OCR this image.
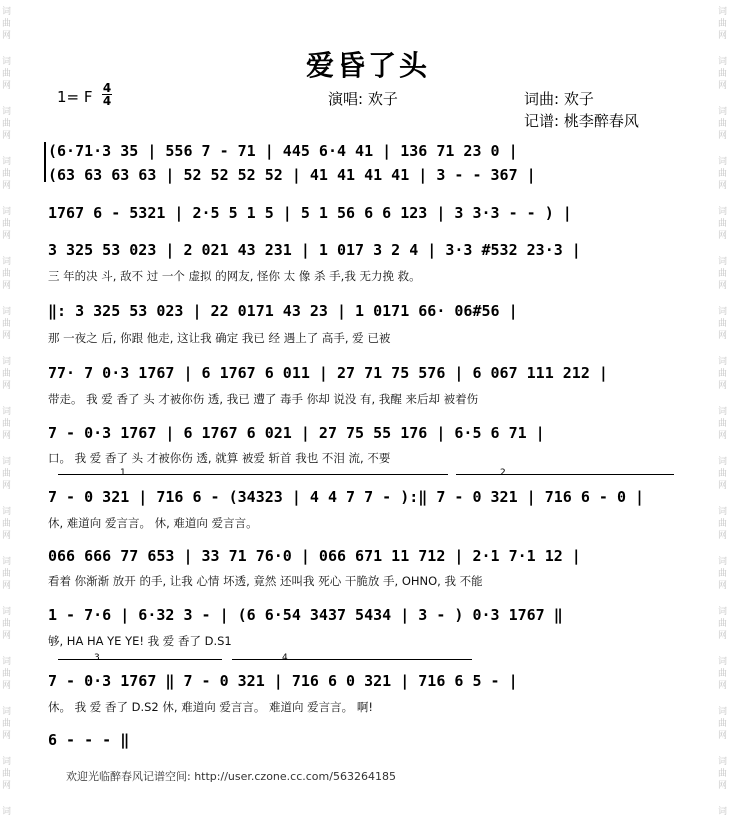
词
曲
网
词
曲
网
词
曲
网
词
曲
网
词
曲
网
词
曲
网
词
曲
网
词
曲
网
词
曲
网
词
曲
网
词
曲
网
词
曲
网
词
曲
网
词
曲
网
词
曲
网
词
曲
网
词
词
曲
网
词
曲
网
词
曲
网
词
曲
网
词
曲
网
词
曲
网
词
曲
网
词
曲
网
词
曲
网
词
曲
网
词
曲
网
词
曲
网
词
曲
网
词
曲
网
词
曲
网
词
曲
网
词
爱昏了头
1= F 4
4	演唱: 欢子	词曲: 欢子
记谱: 桃李醉春风
(6·71·3 35 | 556 7 - 71 | 445 6·4 41 | 136 71 23 0 |
(63 63 63 63 | 52 52 52 52 | 41 41 41 41 | 3 - - 367 |
1767 6 - 5321 | 2·5 5 1 5 | 5 1 56 6 6 123 | 3 3·3 - - ) |
3 325 53 023 | 2 021 43 231 | 1 017 3 2 4 | 3·3 #532 23·3 |
三 年的决 斗, 敌不 过 一个 虚拟 的网友, 怪你 太 像 杀 手,我 无力挽 救。
‖: 3 325 53 023 | 22 0171 43 23 | 1 0171 66· 06#56 |
那 一夜之 后, 你跟 他走, 这让我 确定 我已 经 遇上了 高手, 爱 已被
77· 7 0·3 1767 | 6 1767 6 011 | 27 71 75 576 | 6 067 111 212 |
带走。 我 爱 香了 头 才被你伤 透, 我已 遭了 毒手 你却 说没 有, 我醒 来后却 被着伤
7 - 0·3 1767 | 6 1767 6 021 | 27 75 55 176 | 6·5 6 71 |
口。 我 爱 香了 头 才被你伤 透, 就算 被爱 斩首 我也 不泪 流, 不要
1	2
7 - 0 321 | 716 6 - (34323 | 4 4 7 7 - ):‖ 7 - 0 321 | 716 6 - 0 |
休, 难道向 爱言言。 休, 难道向 爱言言。
066 666 77 653 | 33 71 76·0 | 066 671 11 712 | 2·1 7·1 12 |
看着 你渐渐 放开 的手, 让我 心情 坏透, 竟然 还叫我 死心 干脆放 手, OHNO, 我 不能
1 - 7·6 | 6·32 3 - | (6 6·54 3437 5434 | 3 - ) 0·3 1767 ‖
够, HA HA YE YE! 我 爱 香了 D.S1
3	4
7 - 0·3 1767 ‖ 7 - 0 321 | 716 6 0 321 | 716 6 5 - |
休。 我 爱 香了 D.S2 休, 难道向 爱言言。 难道向 爱言言。 啊!
6 - - - ‖
欢迎光临醉春风记谱空间: http://user.czone.cc.com/563264185
